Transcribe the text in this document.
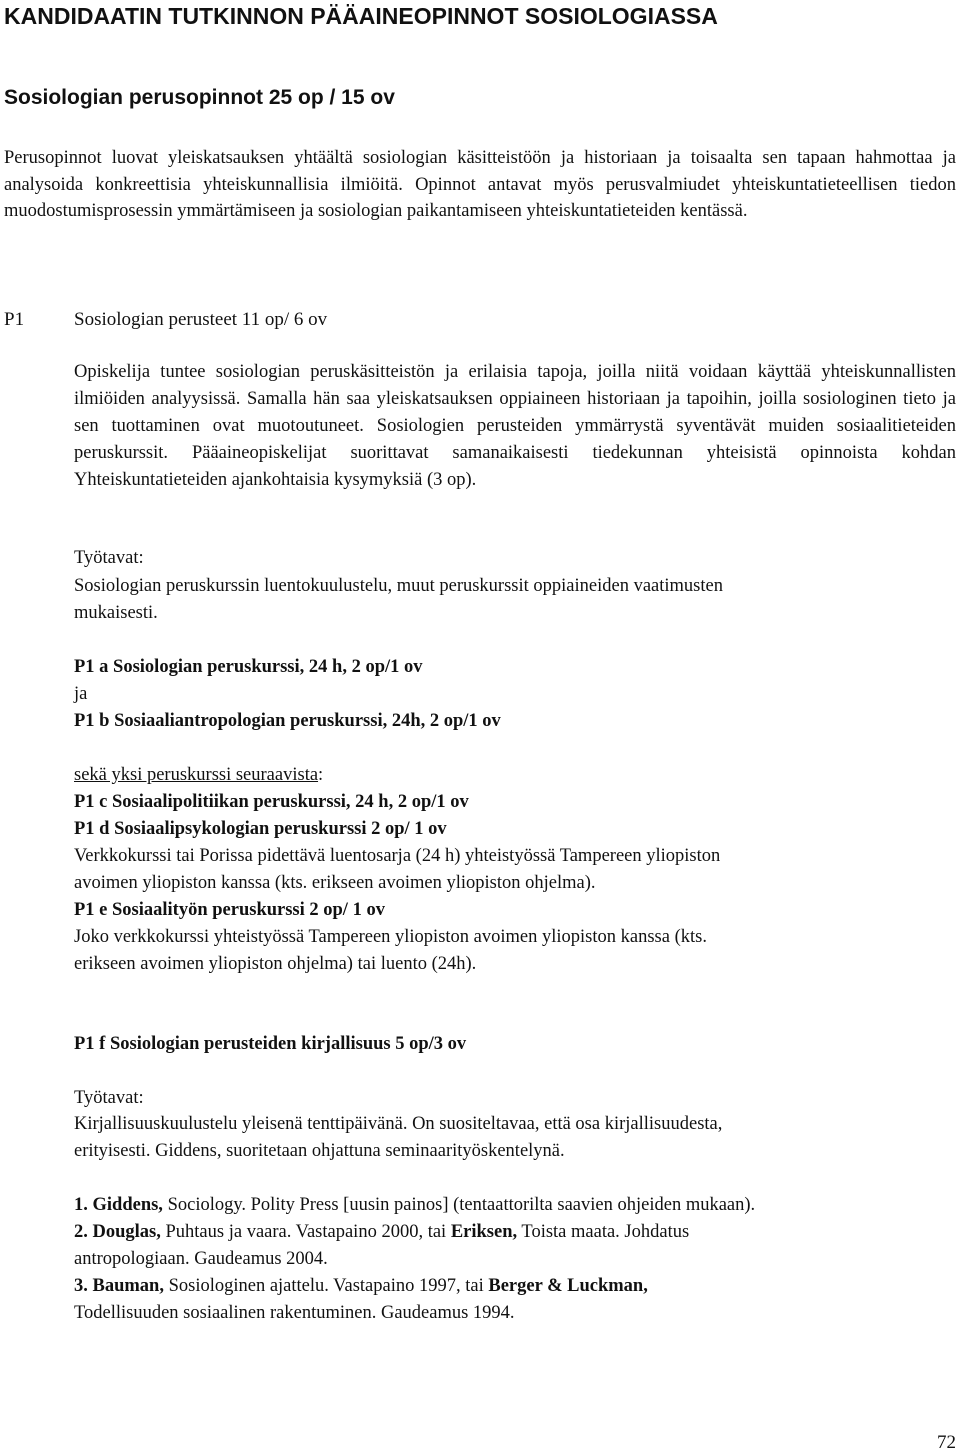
KANDIDAATIN TUTKINNON PÄÄAINEOPINNOT SOSIOLOGIASSA
Sosiologian perusopinnot 25 op / 15 ov
Perusopinnot luovat yleiskatsauksen yhtäältä sosiologian käsitteistöön ja historiaan ja toisaalta sen tapaan hahmottaa ja analysoida konkreettisia yhteiskunnallisia ilmiöitä. Opinnot antavat myös perusvalmiudet yhteiskuntatieteellisen tiedon muodostumisprosessin ymmärtämiseen ja sosiologian paikantamiseen yhteiskuntatieteiden kentässä.
P1	Sosiologian perusteet 11 op/ 6 ov
Opiskelija tuntee sosiologian peruskäsitteistön ja erilaisia tapoja, joilla niitä voidaan käyttää yhteiskunnallisten ilmiöiden analyysissä. Samalla hän saa yleiskatsauksen oppiaineen historiaan ja tapoihin, joilla sosiologinen tieto ja sen tuottaminen ovat muotoutuneet. Sosiologien perusteiden ymmärrystä syventävät muiden sosiaalitieteiden peruskurssit. Pääaineopiskelijat suorittavat samanaikaisesti tiedekunnan yhteisistä opinnoista kohdan Yhteiskuntatieteiden ajankohtaisia kysymyksiä (3 op).
Työtavat:
Sosiologian peruskurssin luentokuulustelu, muut peruskurssit oppiaineiden vaatimusten
mukaisesti.
P1 a Sosiologian peruskurssi, 24 h, 2 op/1 ov
ja
P1 b Sosiaaliantropologian peruskurssi, 24h, 2 op/1 ov
sekä yksi peruskurssi seuraavista:
P1 c Sosiaalipolitiikan peruskurssi, 24 h, 2 op/1 ov
P1 d Sosiaalipsykologian peruskurssi 2 op/ 1 ov
Verkkokurssi tai Porissa pidettävä luentosarja (24 h) yhteistyössä Tampereen yliopiston
avoimen yliopiston kanssa (kts. erikseen avoimen yliopiston ohjelma).
P1 e Sosiaalityön peruskurssi 2 op/ 1 ov
Joko verkkokurssi yhteistyössä Tampereen yliopiston avoimen yliopiston kanssa (kts.
erikseen avoimen yliopiston ohjelma) tai luento (24h).
P1 f Sosiologian perusteiden kirjallisuus 5 op/3 ov
Työtavat:
Kirjallisuuskuulustelu yleisenä tenttipäivänä. On suositeltavaa, että osa kirjallisuudesta,
erityisesti. Giddens, suoritetaan ohjattuna seminaarityöskentelynä.
1. Giddens, Sociology. Polity Press [uusin painos] (tentaattorilta saavien ohjeiden mukaan).
2. Douglas, Puhtaus ja vaara. Vastapaino 2000, tai Eriksen, Toista maata. Johdatus
antropologiaan. Gaudeamus 2004.
3. Bauman, Sosiologinen ajattelu. Vastapaino 1997, tai Berger & Luckman,
Todellisuuden sosiaalinen rakentuminen. Gaudeamus 1994.
72
